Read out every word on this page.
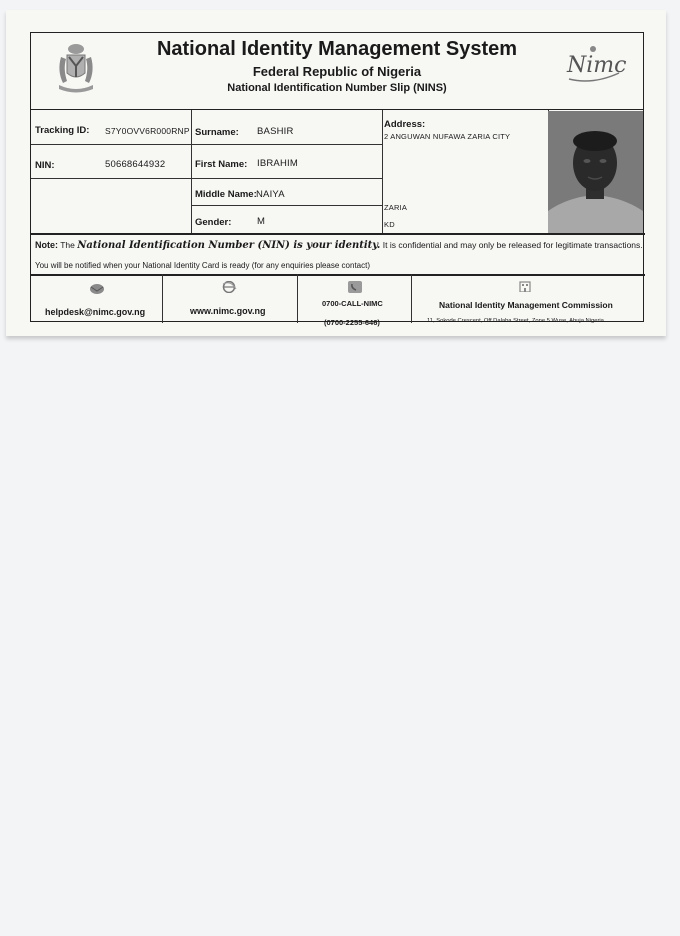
National Identity Management System
Federal Republic of Nigeria
National Identification Number Slip (NINS)
Nimc
Tracking ID: S7Y0OVV6R000RNP
NIN:	50668644932
Surname: BASHIR
First Name: IBRAHIM
Middle Name: NAIYA
Gender:	M
Address:
2 ANGUWAN NUFAWA ZARIA CITY
ZARIA
KD
Note: The National Identification Number (NIN) is your identity. It is confidential and may only be released for legitimate transactions.
You will be notified when your National Identity Card is ready (for any enquiries please contact)
helpdesk@nimc.gov.ng	www.nimc.gov.ng
0700-CALL-NIMC
(0700-2255-646)
National Identity Management Commission
11, Sokode Crescent, Off Dalaba Street, Zone 5 Wuse, Abuja Nigeria
